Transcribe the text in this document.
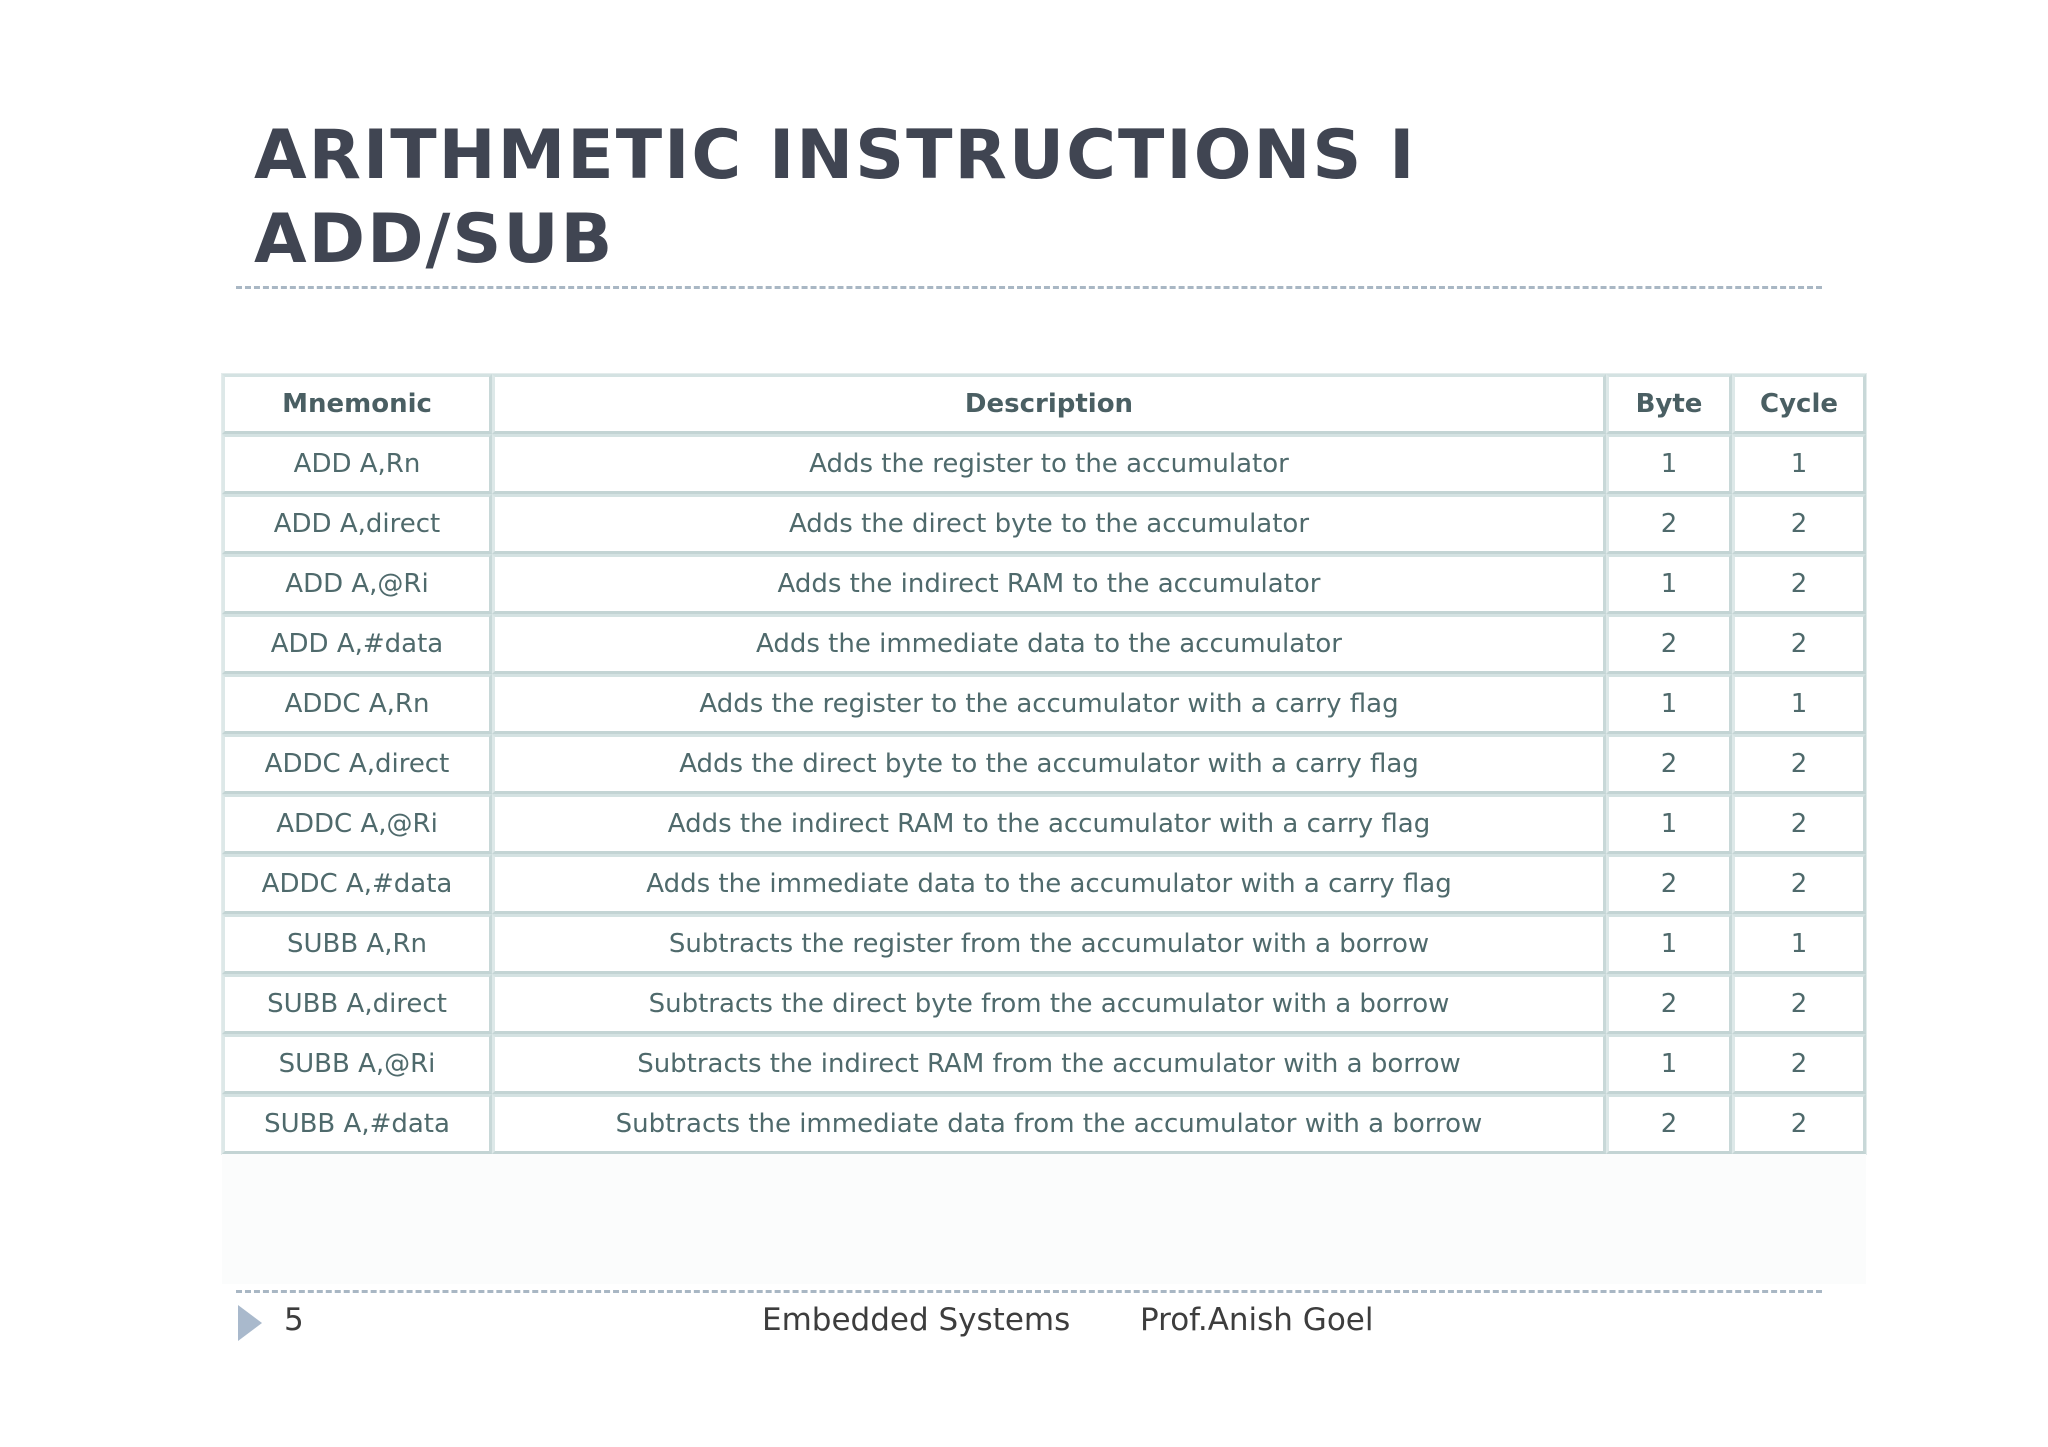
ARITHMETIC INSTRUCTIONS I
ADD/SUB
Mnemonic	Description	Byte	Cycle
ADD A,Rn	Adds the register to the accumulator	1	1
ADD A,direct	Adds the direct byte to the accumulator	2	2
ADD A,@Ri	Adds the indirect RAM to the accumulator	1	2
ADD A,#data	Adds the immediate data to the accumulator	2	2
ADDC A,Rn	Adds the register to the accumulator with a carry flag	1	1
ADDC A,direct	Adds the direct byte to the accumulator with a carry flag	2	2
ADDC A,@Ri	Adds the indirect RAM to the accumulator with a carry flag	1	2
ADDC A,#data	Adds the immediate data to the accumulator with a carry flag	2	2
SUBB A,Rn	Subtracts the register from the accumulator with a borrow	1	1
SUBB A,direct	Subtracts the direct byte from the accumulator with a borrow	2	2
SUBB A,@Ri	Subtracts the indirect RAM from the accumulator with a borrow	1	2
SUBB A,#data	Subtracts the immediate data from the accumulator with a borrow	2	2
5	Embedded Systems Prof.Anish Goel
